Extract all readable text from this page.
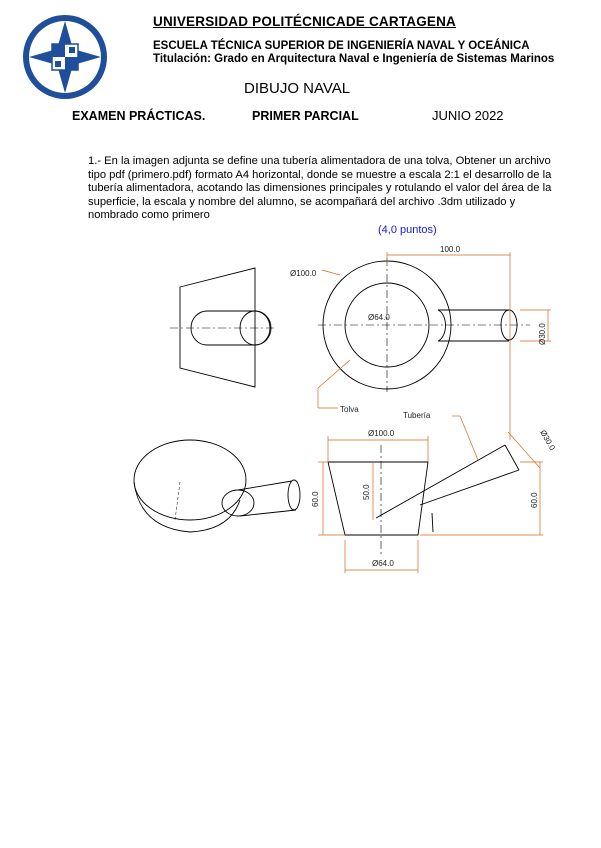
UNIVERSIDAD POLITÉCNICADE CARTAGENA
ESCUELA TÉCNICA SUPERIOR DE INGENIERÍA NAVAL Y OCEÁNICA
Titulación: Grado en Arquitectura Naval e Ingeniería de Sistemas Marinos
DIBUJO NAVAL
EXAMEN PRÁCTICAS.	PRIMER PARCIAL	JUNIO 2022
1.- En la imagen adjunta se define una tubería alimentadora de una tolva, Obtener un archivo tipo pdf (primero.pdf) formato A4 horizontal, donde se muestre a escala 2:1 el desarrollo de la tubería alimentadora, acotando las dimensiones principales y rotulando el valor del área de la superficie, la escala y nombre del alumno, se acompañará del archivo .3dm utilizado y nombrado como primero
(4,0 puntos)
100.0
Ø100.0
Ø64.0
Ø30.0
Tolva
Tubería
Ø100.0
50.0
60.0	60.0
Ø30.0
Ø64.0
